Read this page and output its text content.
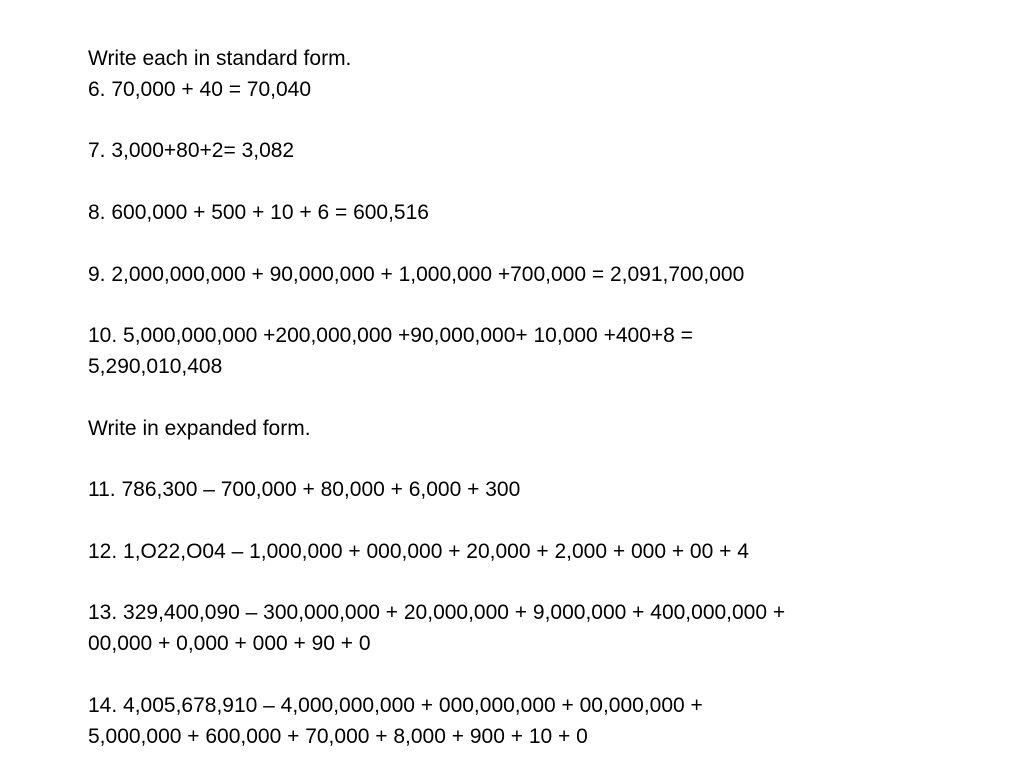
Write each in standard form.
6. 70,000 + 40 = 70,040
7. 3,000+80+2= 3,082
8. 600,000 + 500 + 10 + 6 = 600,516
9. 2,000,000,000 + 90,000,000 + 1,000,000 +700,000 = 2,091,700,000
10. 5,000,000,000 +200,000,000 +90,000,000+ 10,000 +400+8 =
5,290,010,408
Write in expanded form.
11. 786,300 – 700,000 + 80,000 + 6,000 + 300
12. 1,O22,O04 – 1,000,000 + 000,000 + 20,000 + 2,000 + 000 + 00 + 4
13. 329,400,090 – 300,000,000 + 20,000,000 + 9,000,000 + 400,000,000 +
00,000 + 0,000 + 000 + 90 + 0
14. 4,005,678,910 – 4,000,000,000 + 000,000,000 + 00,000,000 +
5,000,000 + 600,000 + 70,000 + 8,000 + 900 + 10 + 0
